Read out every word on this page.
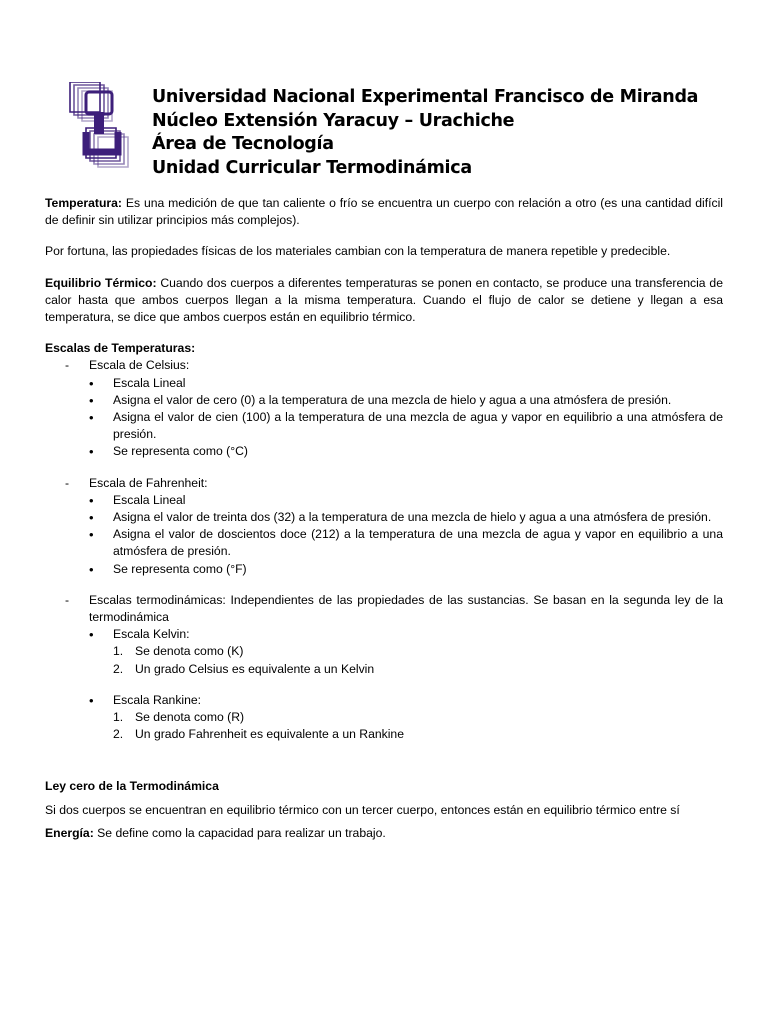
Universidad Nacional Experimental Francisco de Miranda
Núcleo Extensión Yaracuy – Urachiche
Área de Tecnología
Unidad Curricular Termodinámica

Temperatura: Es una medición de que tan caliente o frío se encuentra un cuerpo con relación a otro (es una cantidad difícil de definir sin utilizar principios más complejos).

Por fortuna, las propiedades físicas de los materiales cambian con la temperatura de manera repetible y predecible.

Equilibrio Térmico: Cuando dos cuerpos a diferentes temperaturas se ponen en contacto, se produce una transferencia de calor hasta que ambos cuerpos llegan a la misma temperatura. Cuando el flujo de calor se detiene y llegan a esa temperatura, se dice que ambos cuerpos están en equilibrio térmico.

Escalas de Temperaturas:

- Escala de Celsius:
• Escala Lineal
• Asigna el valor de cero (0) a la temperatura de una mezcla de hielo y agua a una atmósfera de presión.
• Asigna el valor de cien (100) a la temperatura de una mezcla de agua y vapor en equilibrio a una atmósfera de presión.
• Se representa como (°C)
- Escala de Fahrenheit:
• Escala Lineal
• Asigna el valor de treinta dos (32) a la temperatura de una mezcla de hielo y agua a una atmósfera de presión.
• Asigna el valor de doscientos doce (212) a la temperatura de una mezcla de agua y vapor en equilibrio a una atmósfera de presión.
• Se representa como (°F)
- Escalas termodinámicas: Independientes de las propiedades de las sustancias. Se basan en la segunda ley de la termodinámica
• Escala Kelvin:
1. Se denota como (K)
2. Un grado Celsius es equivalente a un Kelvin
• Escala Rankine:
1. Se denota como (R)
2. Un grado Fahrenheit es equivalente a un Rankine

Ley cero de la Termodinámica

Si dos cuerpos se encuentran en equilibrio térmico con un tercer cuerpo, entonces están en equilibrio térmico entre sí

Energía: Se define como la capacidad para realizar un trabajo.
